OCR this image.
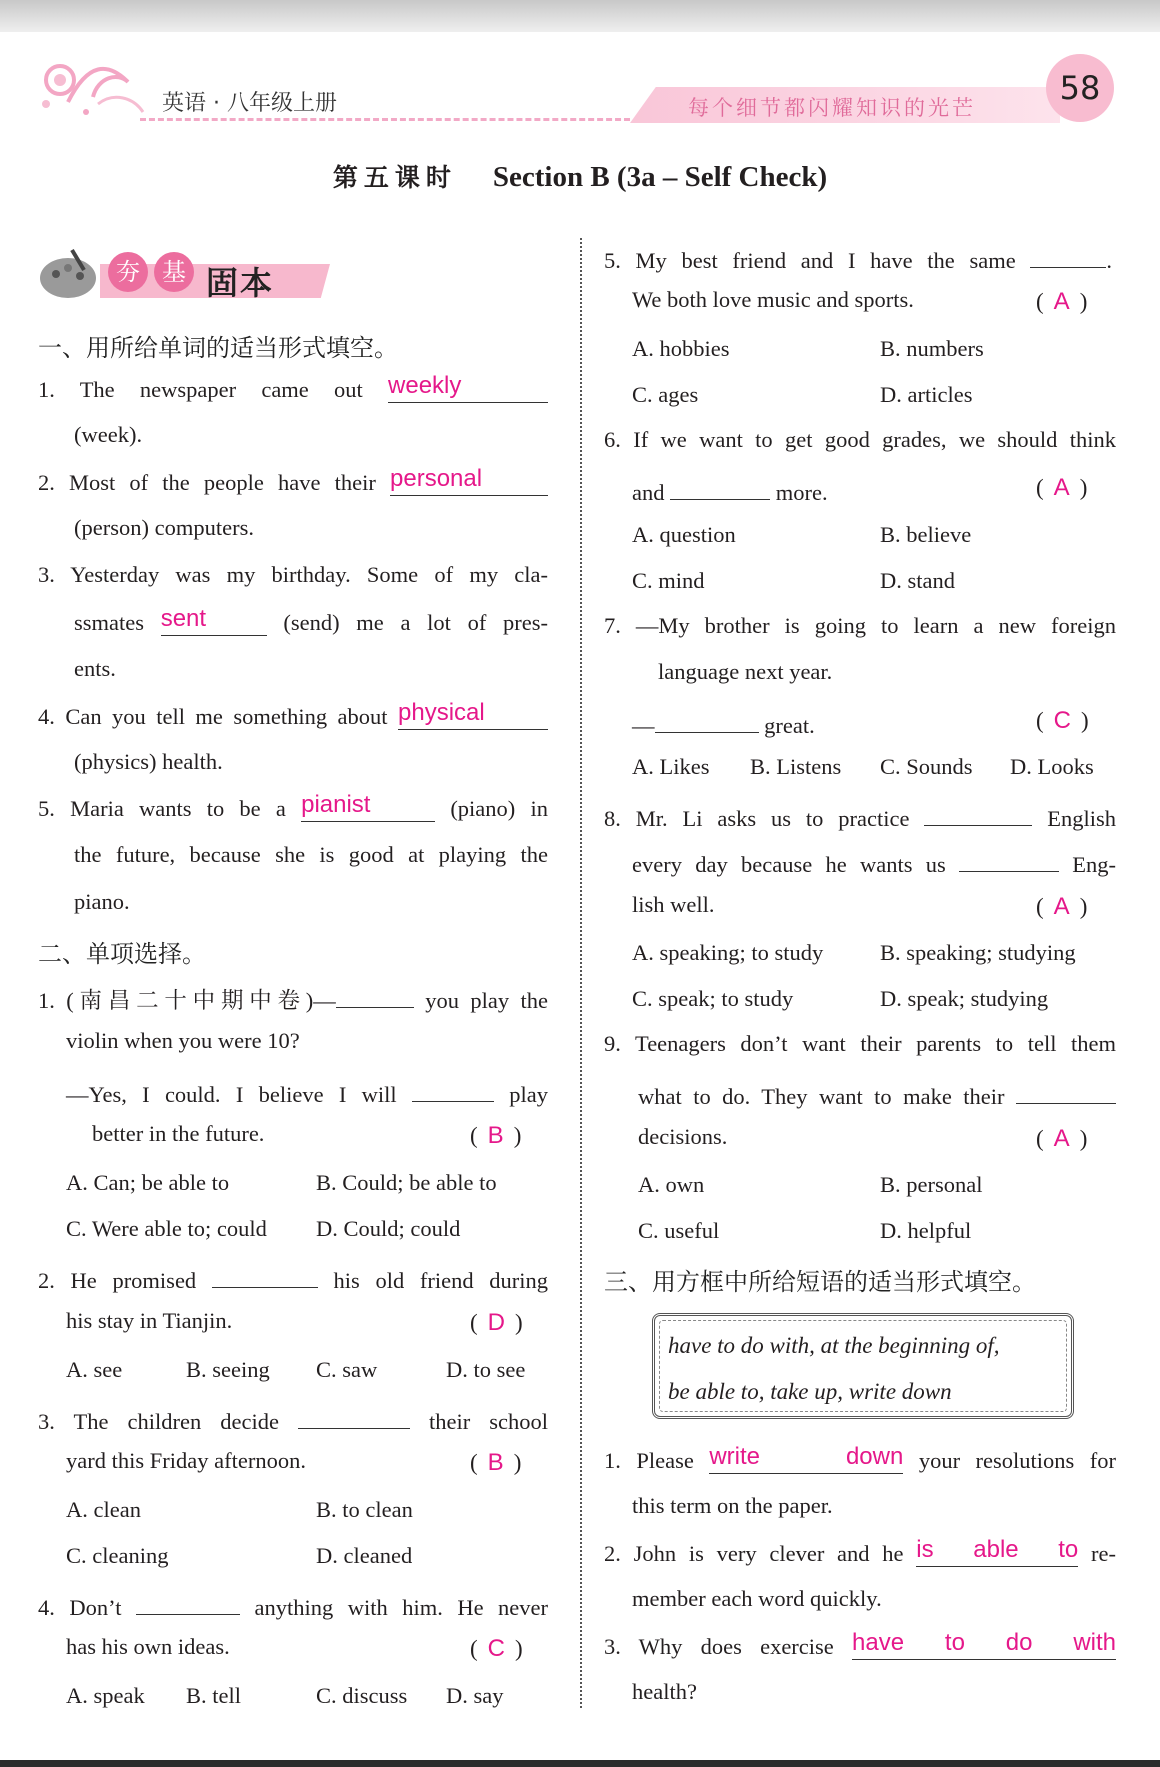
英语 · 八年级上册	每个细节都闪耀知识的光芒
58
第五课时 Section B (3a – Self Check)
夯 基 固本
一、用所给单词的适当形式填空。
1. The newspaper came out weekly
(week).
2. Most of the people have their personal
(person) computers.
3. Yesterday was my birthday. Some of my cla-
ssmates sent	(send) me a lot of pres-
ents.
4. Can you tell me something about physical
(physics) health.
5. Maria wants to be a pianist	(piano) in
the future, because she is good at playing the
piano.
二、单项选择。
1. (南昌二十中期中卷)—	you play the
violin when you were 10?
—Yes, I could. I believe I will	play
better in the future.	( B )
A. Can; be able to	B. Could; be able to
C. Were able to; could D. Could; could
2. He promised	his old friend during
his stay in Tianjin.	( D )
A. see	B. seeing C. saw	D. to see
3. The children decide	their school
yard this Friday afternoon.	( B )
A. clean	B. to clean
C. cleaning	D. cleaned
4. Don’t	anything with him. He never
has his own ideas.	( C )
A. speak B. tell	C. discuss D. say
5. My best friend and I have the same	.
We both love music and sports.	( A )
A. hobbies	B. numbers
C. ages	D. articles
6. If we want to get good grades, we should think
and	more.	( A )
A. question	B. believe
C. mind	D. stand
7. —My brother is going to learn a new foreign
language next year.
—	great.	( C )
A. Likes B. Listens C. Sounds D. Looks
8. Mr. Li asks us to practice	English
every day because he wants us	Eng-
lish well.	( A )
A. speaking; to study	B. speaking; studying
C. speak; to study	D. speak; studying
9. Teenagers don’t want their parents to tell them
what to do. They want to make their
decisions.	( A )
A. own	B. personal
C. useful	D. helpful
三、用方框中所给短语的适当形式填空。
have to do with, at the beginning of,
be able to, take up, write down
1. Please write down your resolutions for
this term on the paper.
2. John is very clever and he is able to re-
member each word quickly.
3. Why does exercise have to do with
health?
